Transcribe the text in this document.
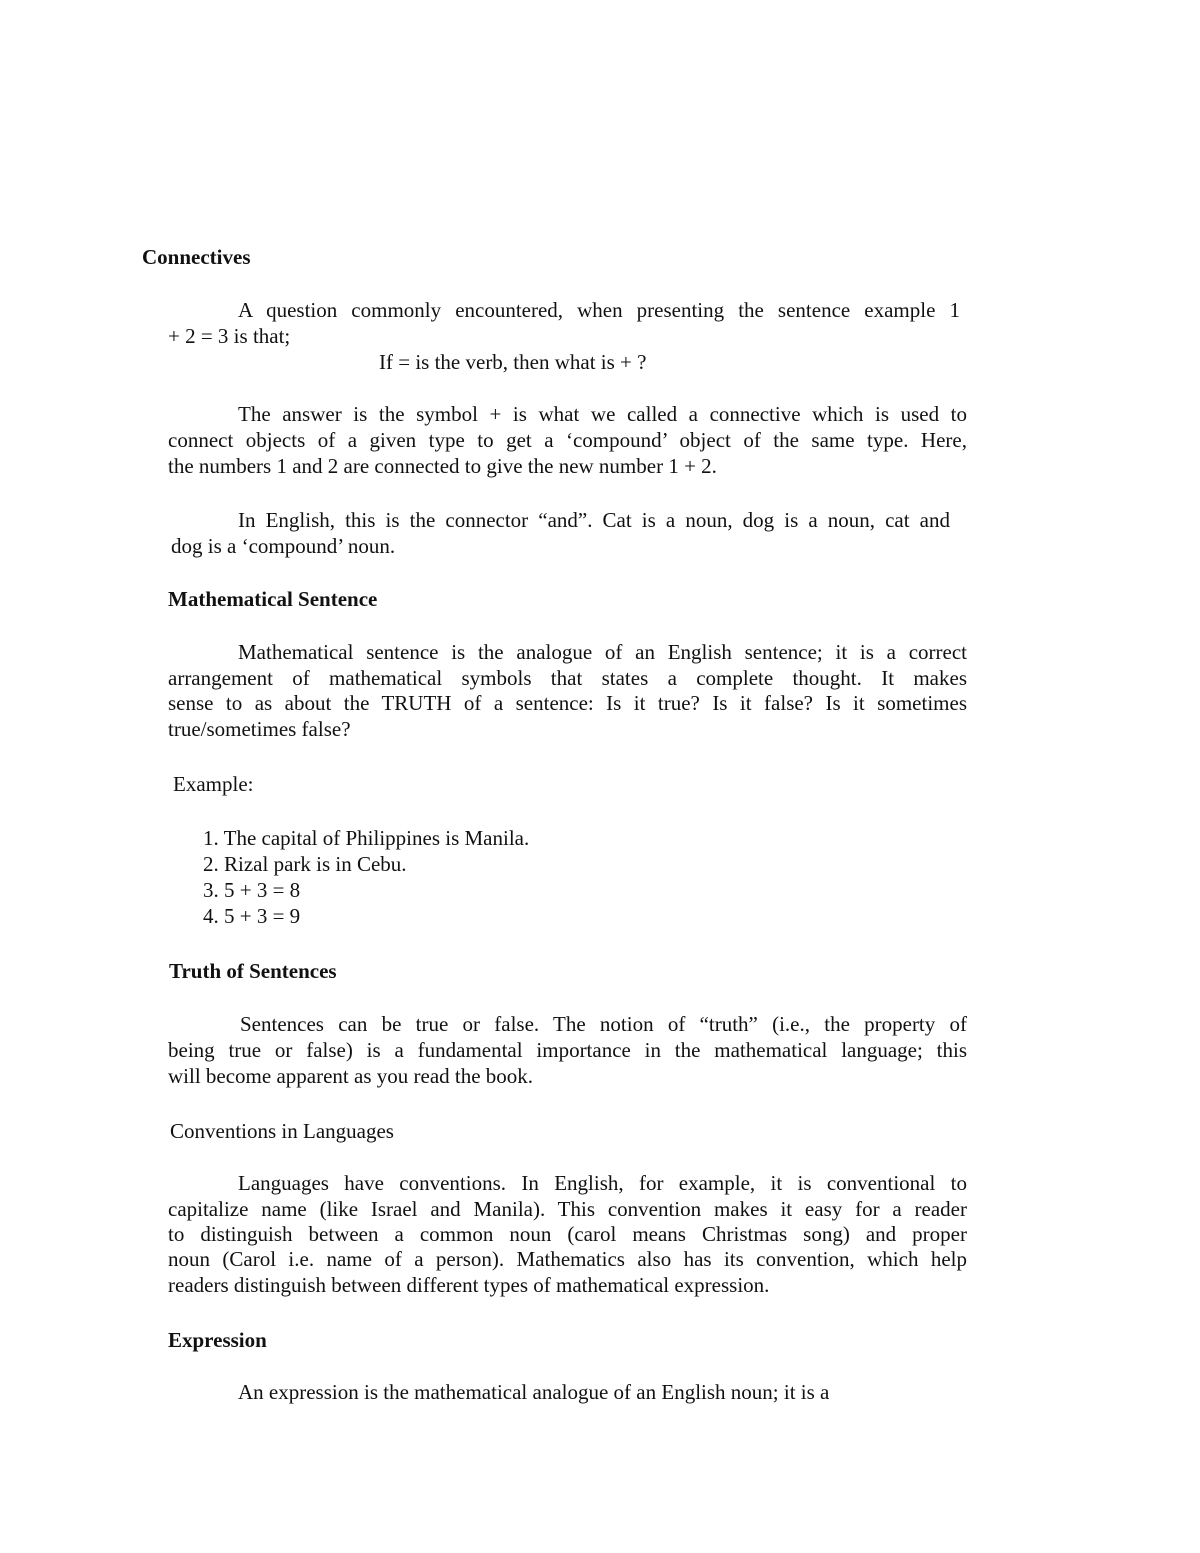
Connectives

A question commonly encountered, when presenting the sentence example 1

+ 2 = 3 is that;

If = is the verb, then what is + ?

The answer is the symbol + is what we called a connective which is used to

connect objects of a given type to get a ‘compound’ object of the same type. Here,

the numbers 1 and 2 are connected to give the new number 1 + 2.

In English, this is the connector “and”. Cat is a noun, dog is a noun, cat and

dog is a ‘compound’ noun.

Mathematical Sentence

Mathematical sentence is the analogue of an English sentence; it is a correct

arrangement of mathematical symbols that states a complete thought. It makes

sense to as about the TRUTH of a sentence: Is it true? Is it false? Is it sometimes

true/sometimes false?

Example:

1. The capital of Philippines is Manila.

2. Rizal park is in Cebu.

3. 5 + 3 = 8

4. 5 + 3 = 9

Truth of Sentences

Sentences can be true or false. The notion of “truth” (i.e., the property of

being true or false) is a fundamental importance in the mathematical language; this

will become apparent as you read the book.

Conventions in Languages

Languages have conventions. In English, for example, it is conventional to

capitalize name (like Israel and Manila). This convention makes it easy for a reader

to distinguish between a common noun (carol means Christmas song) and proper

noun (Carol i.e. name of a person). Mathematics also has its convention, which help

readers distinguish between different types of mathematical expression.

Expression

An expression is the mathematical analogue of an English noun; it is a
